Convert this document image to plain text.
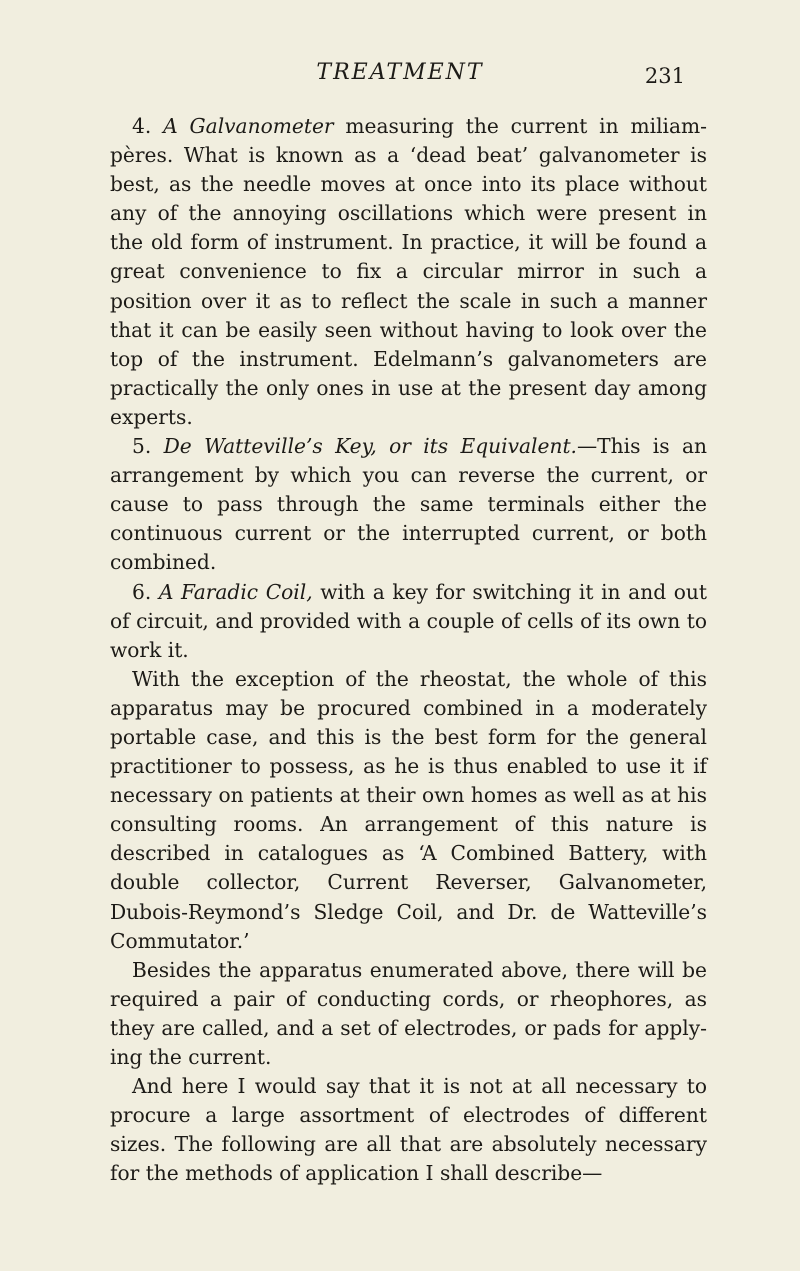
TREATMENT	231

4. A Galvanometer measuring the current in miliampères. What is known as a ‘dead beat’ galvanometer is best, as the needle moves at once into its place without any of the annoying oscillations which were present in the old form of instrument. In practice, it will be found a great convenience to fix a circular mirror in such a position over it as to reflect the scale in such a manner that it can be easily seen without having to look over the top of the instrument. Edelmann’s galvanometers are practically the only ones in use at the present day among experts.

5. De Watteville’s Key, or its Equivalent.—This is an arrangement by which you can reverse the current, or cause to pass through the same terminals either the continuous current or the interrupted current, or both combined.

6. A Faradic Coil, with a key for switching it in and out of circuit, and provided with a couple of cells of its own to work it.

With the exception of the rheostat, the whole of this apparatus may be procured combined in a moderately portable case, and this is the best form for the general practitioner to possess, as he is thus enabled to use it if necessary on patients at their own homes as well as at his consulting rooms. An arrangement of this nature is described in catalogues as ‘A Combined Battery, with double collector, Current Reverser, Galvanometer, Dubois-Reymond’s Sledge Coil, and Dr. de Watteville’s Commutator.’

Besides the apparatus enumerated above, there will be required a pair of conducting cords, or rheophores, as they are called, and a set of electrodes, or pads for applying the current.

And here I would say that it is not at all necessary to procure a large assortment of electrodes of different sizes. The following are all that are absolutely necessary for the methods of application I shall describe—
